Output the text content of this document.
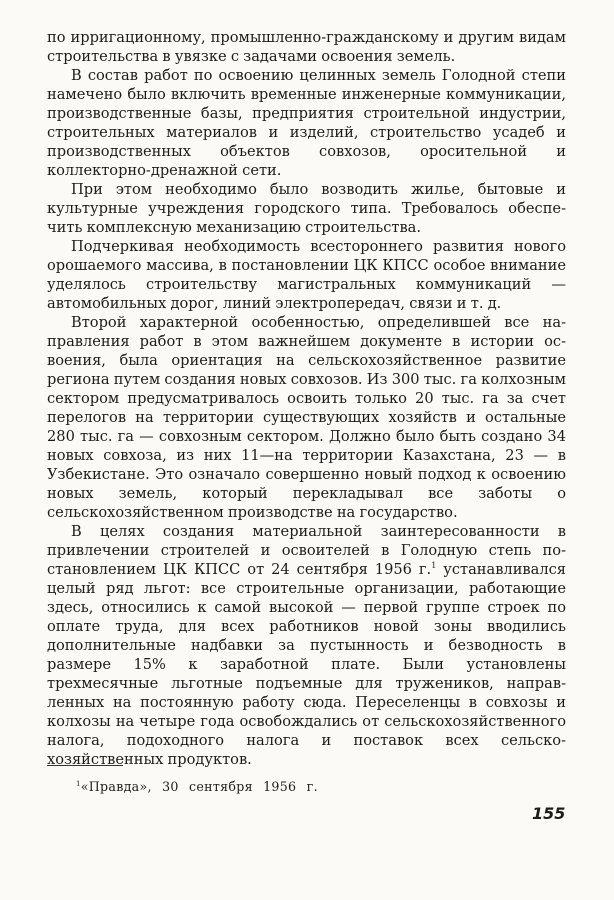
по ирригационному, промышленно-гражданскому и другим видам строительства в увязке с задачами освоения земель.

В состав работ по освоению целинных земель Голодной степи намечено было включить временные инженерные коммуникации, производственные базы, предприятия строительной индустрии, строительных материалов и изделий, строительство усадеб и производственных объектов совхозов, оросительной и коллекторно-дренажной сети.

При этом необходимо было возводить жилье, бытовые и культурные учреждения городского типа. Требовалось обеспечить комплексную механизацию строительства.

Подчеркивая необходимость всестороннего развития нового орошаемого массива, в постановлении ЦК КПСС особое внимание уделялось строительству магистральных коммуникаций — автомобильных дорог, линий электропередач, связи и т. д.

Второй характерной особенностью, определившей все направления работ в этом важнейшем документе в истории освоения, была ориентация на сельскохозяйственное развитие региона путем создания новых совхозов. Из 300 тыс. га колхозным сектором предусматривалось освоить только 20 тыс. га за счет перелогов на территории существующих хозяйств и остальные 280 тыс. га — совхозным сектором. Должно было быть создано 34 новых совхоза, из них 11—на территории Казахстана, 23 — в Узбекистане. Это означало совершенно новый подход к освоению новых земель, который перекладывал все заботы о сельскохозяйственном производстве на государство.

В целях создания материальной заинтересованности в привлечении строителей и освоителей в Голодную степь постановлением ЦК КПСС от 24 сентября 1956 г.$^1$ устанавливался целый ряд льгот: все строительные организации, работающие здесь, относились к самой высокой — первой группе строек по оплате труда, для всех работников новой зоны вводились дополнительные надбавки за пустынность и безводность в размере 15% к заработной плате. Были установлены трехмесячные льготные подъемные для тружеников, направленных на постоянную работу сюда. Переселенцы в совхозы и колхозы на четыре года освобождались от сельскохозяйственного налога, подоходного налога и поставок всех сельскохозяйственных продуктов.

$^1$«Правда», 30 сентября 1956 г.
155
